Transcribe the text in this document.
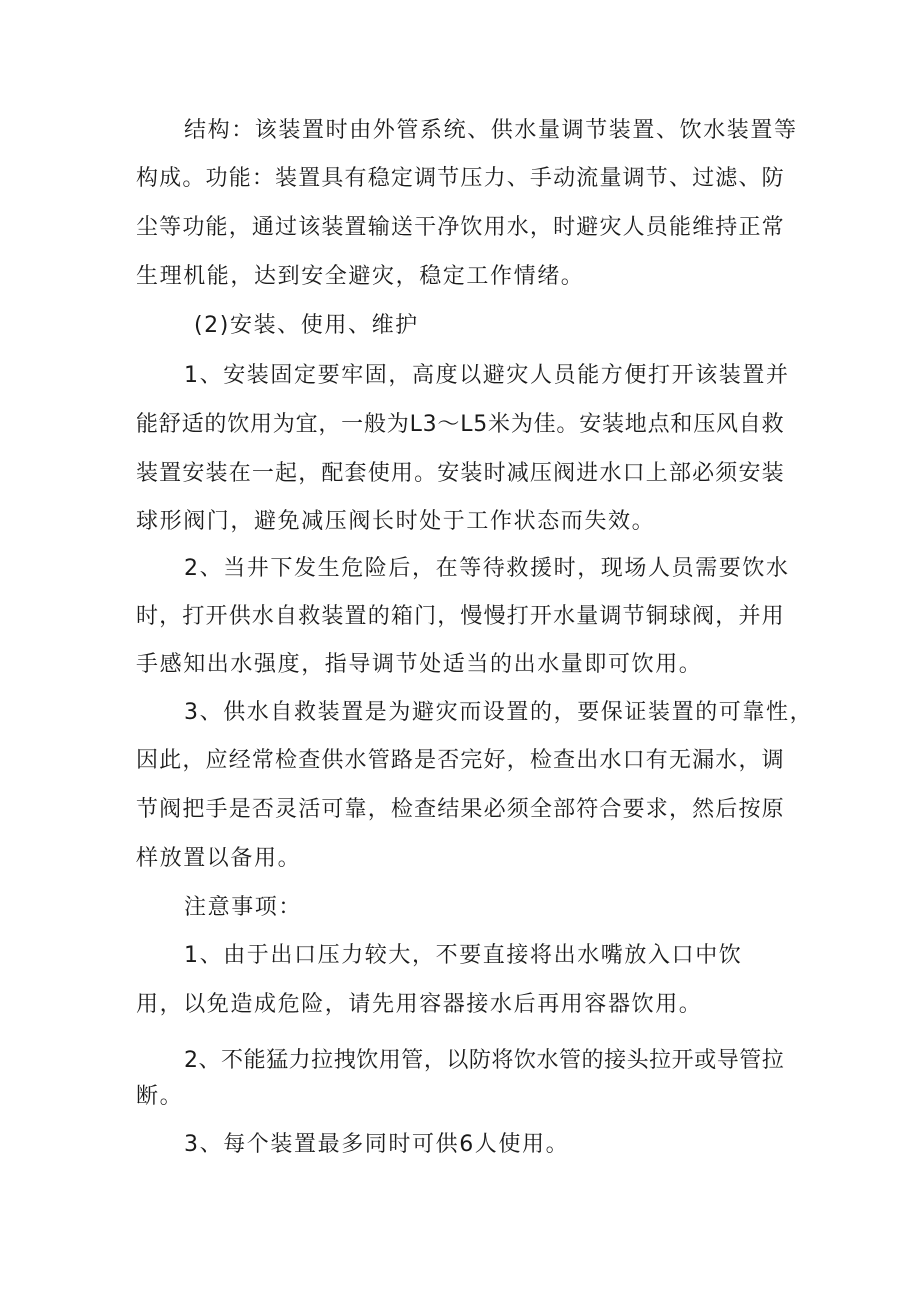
结构：该装置时由外管系统、供水量调节装置、饮水装置等

构 成 。 功 能 ： 装 置 具 有 稳 定 调 节 压 力 、 手 动 流 量 调 节 、 过 滤 、 防

尘 等 功 能 ， 通 过 该 装 置 输 送 干 净 饮 用 水 ， 时 避 灾 人 员 能 维 持 正 常

生理机能，达到安全避灾，稳定工作情绪。

(2)安装、使用、维护

1、安装固定要牢固，高度以避灾人员能方便打开该装置并

能 舒 适 的 饮 用 为 宜 ， 一 般 为 L 3 〜 L 5 米 为 佳 。 安 装 地 点 和 压 风 自 救

装 置 安 装 在 一 起 ， 配 套 使 用 。 安 装 时 减 压 阀 进 水 口 上 部 必 须 安 装

球形阀门，避免减压阀长时处于工作状态而失效。

2、当井下发生危险后，在等待救援时，现场人员需要饮水

时 ， 打 开 供 水 自 救 装 置 的 箱 门 ， 慢 慢 打 开 水 量 调 节 铜 球 阀 ， 并 用

手感知出水强度，指导调节处适当的出水量即可饮用。

3、供水自救装置是为避灾而设置的，要保证装置的可靠性，

因 此 ， 应 经 常 检 查 供 水 管 路 是 否 完 好 ， 检 查 出 水 口 有 无 漏 水 ， 调

节 阀 把 手 是 否 灵 活 可 靠 ， 检 查 结 果 必 须 全 部 符 合 要 求 ， 然 后 按 原

样放置以备用。

注意事项：

1、由于出口压力较大，不要直接将出水嘴放入口中饮

用，以免造成危险，请先用容器接水后再用容器饮用。

2 、 不 能 猛 力 拉 拽 饮 用 管 ， 以 防 将 饮 水 管 的 接 头 拉 开 或 导 管 拉

断。

3、每个装置最多同时可供6人使用。
